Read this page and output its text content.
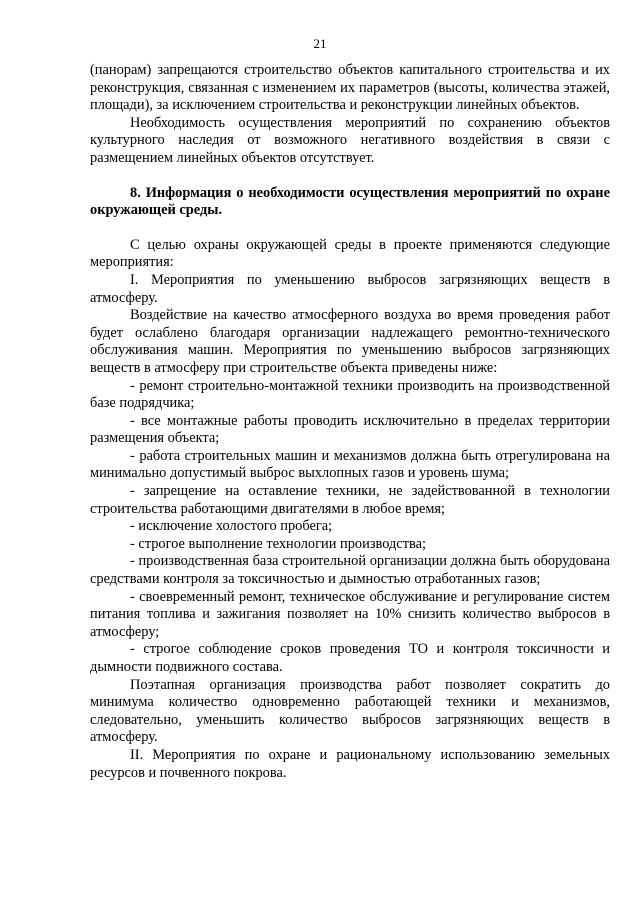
21

(панорам) запрещаются строительство объектов капитального строительства и их реконструкция, связанная с изменением их параметров (высоты, количества этажей, площади), за исключением строительства и реконструкции линейных объектов.

Необходимость осуществления мероприятий по сохранению объектов культурного наследия от возможного негативного воздействия в связи с размещением линейных объектов отсутствует.

8. Информация о необходимости осуществления мероприятий по охране окружающей среды.

С целью охраны окружающей среды в проекте применяются следующие мероприятия:

I. Мероприятия по уменьшению выбросов загрязняющих веществ в атмосферу.

Воздействие на качество атмосферного воздуха во время проведения работ будет ослаблено благодаря организации надлежащего ремонтно-технического обслуживания машин. Мероприятия по уменьшению выбросов загрязняющих веществ в атмосферу при строительстве объекта приведены ниже:

- ремонт строительно-монтажной техники производить на производственной базе подрядчика;

- все монтажные работы проводить исключительно в пределах территории размещения объекта;

- работа строительных машин и механизмов должна быть отрегулирована на минимально допустимый выброс выхлопных газов и уровень шума;

- запрещение на оставление техники, не задействованной в технологии строительства работающими двигателями в любое время;

- исключение холостого пробега;

- строгое выполнение технологии производства;

- производственная база строительной организации должна быть оборудована средствами контроля за токсичностью и дымностью отработанных газов;

- своевременный ремонт, техническое обслуживание и регулирование систем питания топлива и зажигания позволяет на 10% снизить количество выбросов в атмосферу;

- строгое соблюдение сроков проведения ТО и контроля токсичности и дымности подвижного состава.

Поэтапная организация производства работ позволяет сократить до минимума количество одновременно работающей техники и механизмов, следовательно, уменьшить количество выбросов загрязняющих веществ в атмосферу.

II. Мероприятия по охране и рациональному использованию земельных ресурсов и почвенного покрова.
